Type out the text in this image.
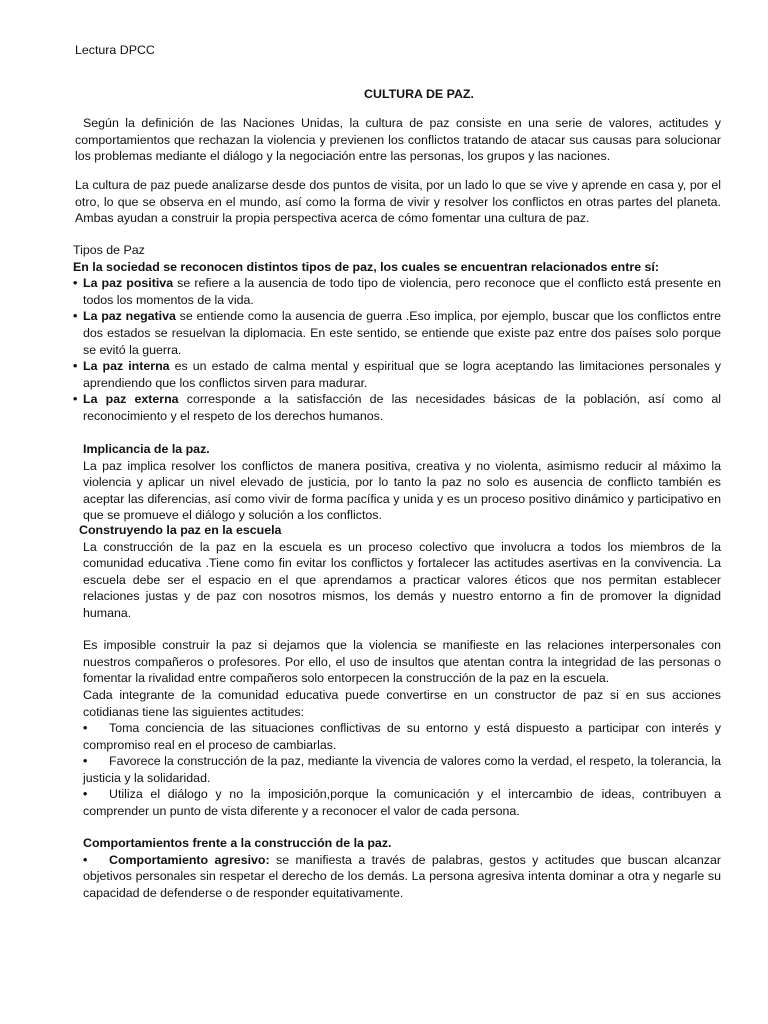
Lectura DPCC
CULTURA DE PAZ.
Según la definición de las Naciones Unidas, la cultura de paz consiste en una serie de valores, actitudes y comportamientos que rechazan la violencia y previenen los conflictos tratando de atacar sus causas para solucionar los problemas mediante el diálogo y la negociación entre las personas, los grupos y las naciones.
La cultura de paz puede analizarse desde dos puntos de visita, por un lado lo que se vive y aprende en casa y, por el otro, lo que se observa en el mundo, así como la forma de vivir y resolver los conflictos en otras partes del planeta. Ambas ayudan a construir la propia perspectiva acerca de cómo fomentar una cultura de paz.
Tipos de Paz
En la sociedad se reconocen distintos tipos de paz, los cuales se encuentran relacionados entre sí:
• La paz positiva se refiere a la ausencia de todo tipo de violencia, pero reconoce que el conflicto está presente en todos los momentos de la vida.
• La paz negativa se entiende como la ausencia de guerra .Eso implica, por ejemplo, buscar que los conflictos entre dos estados se resuelvan la diplomacia. En este sentido, se entiende que existe paz entre dos países solo porque se evitó la guerra.
• La paz interna es un estado de calma mental y espiritual que se logra aceptando las limitaciones personales y aprendiendo que los conflictos sirven para madurar.
• La paz externa corresponde a la satisfacción de las necesidades básicas de la población, así como al reconocimiento y el respeto de los derechos humanos.
Implicancia de la paz.
La paz implica resolver los conflictos de manera positiva, creativa y no violenta, asimismo reducir al máximo la violencia y aplicar un nivel elevado de justicia, por lo tanto la paz no solo es ausencia de conflicto también es aceptar las diferencias, así como vivir de forma pacífica y unida y es un proceso positivo dinámico y participativo en que se promueve el diálogo y solución a los conflictos.
Construyendo la paz en la escuela
La construcción de la paz en la escuela es un proceso colectivo que involucra a todos los miembros de la comunidad educativa .Tiene como fin evitar los conflictos y fortalecer las actitudes asertivas en la convivencia. La escuela debe ser el espacio en el que aprendamos a practicar valores éticos que nos permitan establecer relaciones justas y de paz con nosotros mismos, los demás y nuestro entorno a fin de promover la dignidad humana.
Es imposible construir la paz si dejamos que la violencia se manifieste en las relaciones interpersonales con nuestros compañeros o profesores. Por ello, el uso de insultos que atentan contra la integridad de las personas o fomentar la rivalidad entre compañeros solo entorpecen la construcción de la paz en la escuela.
Cada integrante de la comunidad educativa puede convertirse en un constructor de paz si en sus acciones cotidianas tiene las siguientes actitudes:
• Toma conciencia de las situaciones conflictivas de su entorno y está dispuesto a participar con interés y compromiso real en el proceso de cambiarlas.
• Favorece la construcción de la paz, mediante la vivencia de valores como la verdad, el respeto, la tolerancia, la justicia y la solidaridad.
• Utiliza el diálogo y no la imposición,porque la comunicación y el intercambio de ideas, contribuyen a comprender un punto de vista diferente y a reconocer el valor de cada persona.
Comportamientos frente a la construcción de la paz.
• Comportamiento agresivo: se manifiesta a través de palabras, gestos y actitudes que buscan alcanzar objetivos personales sin respetar el derecho de los demás. La persona agresiva intenta dominar a otra y negarle su capacidad de defenderse o de responder equitativamente.
